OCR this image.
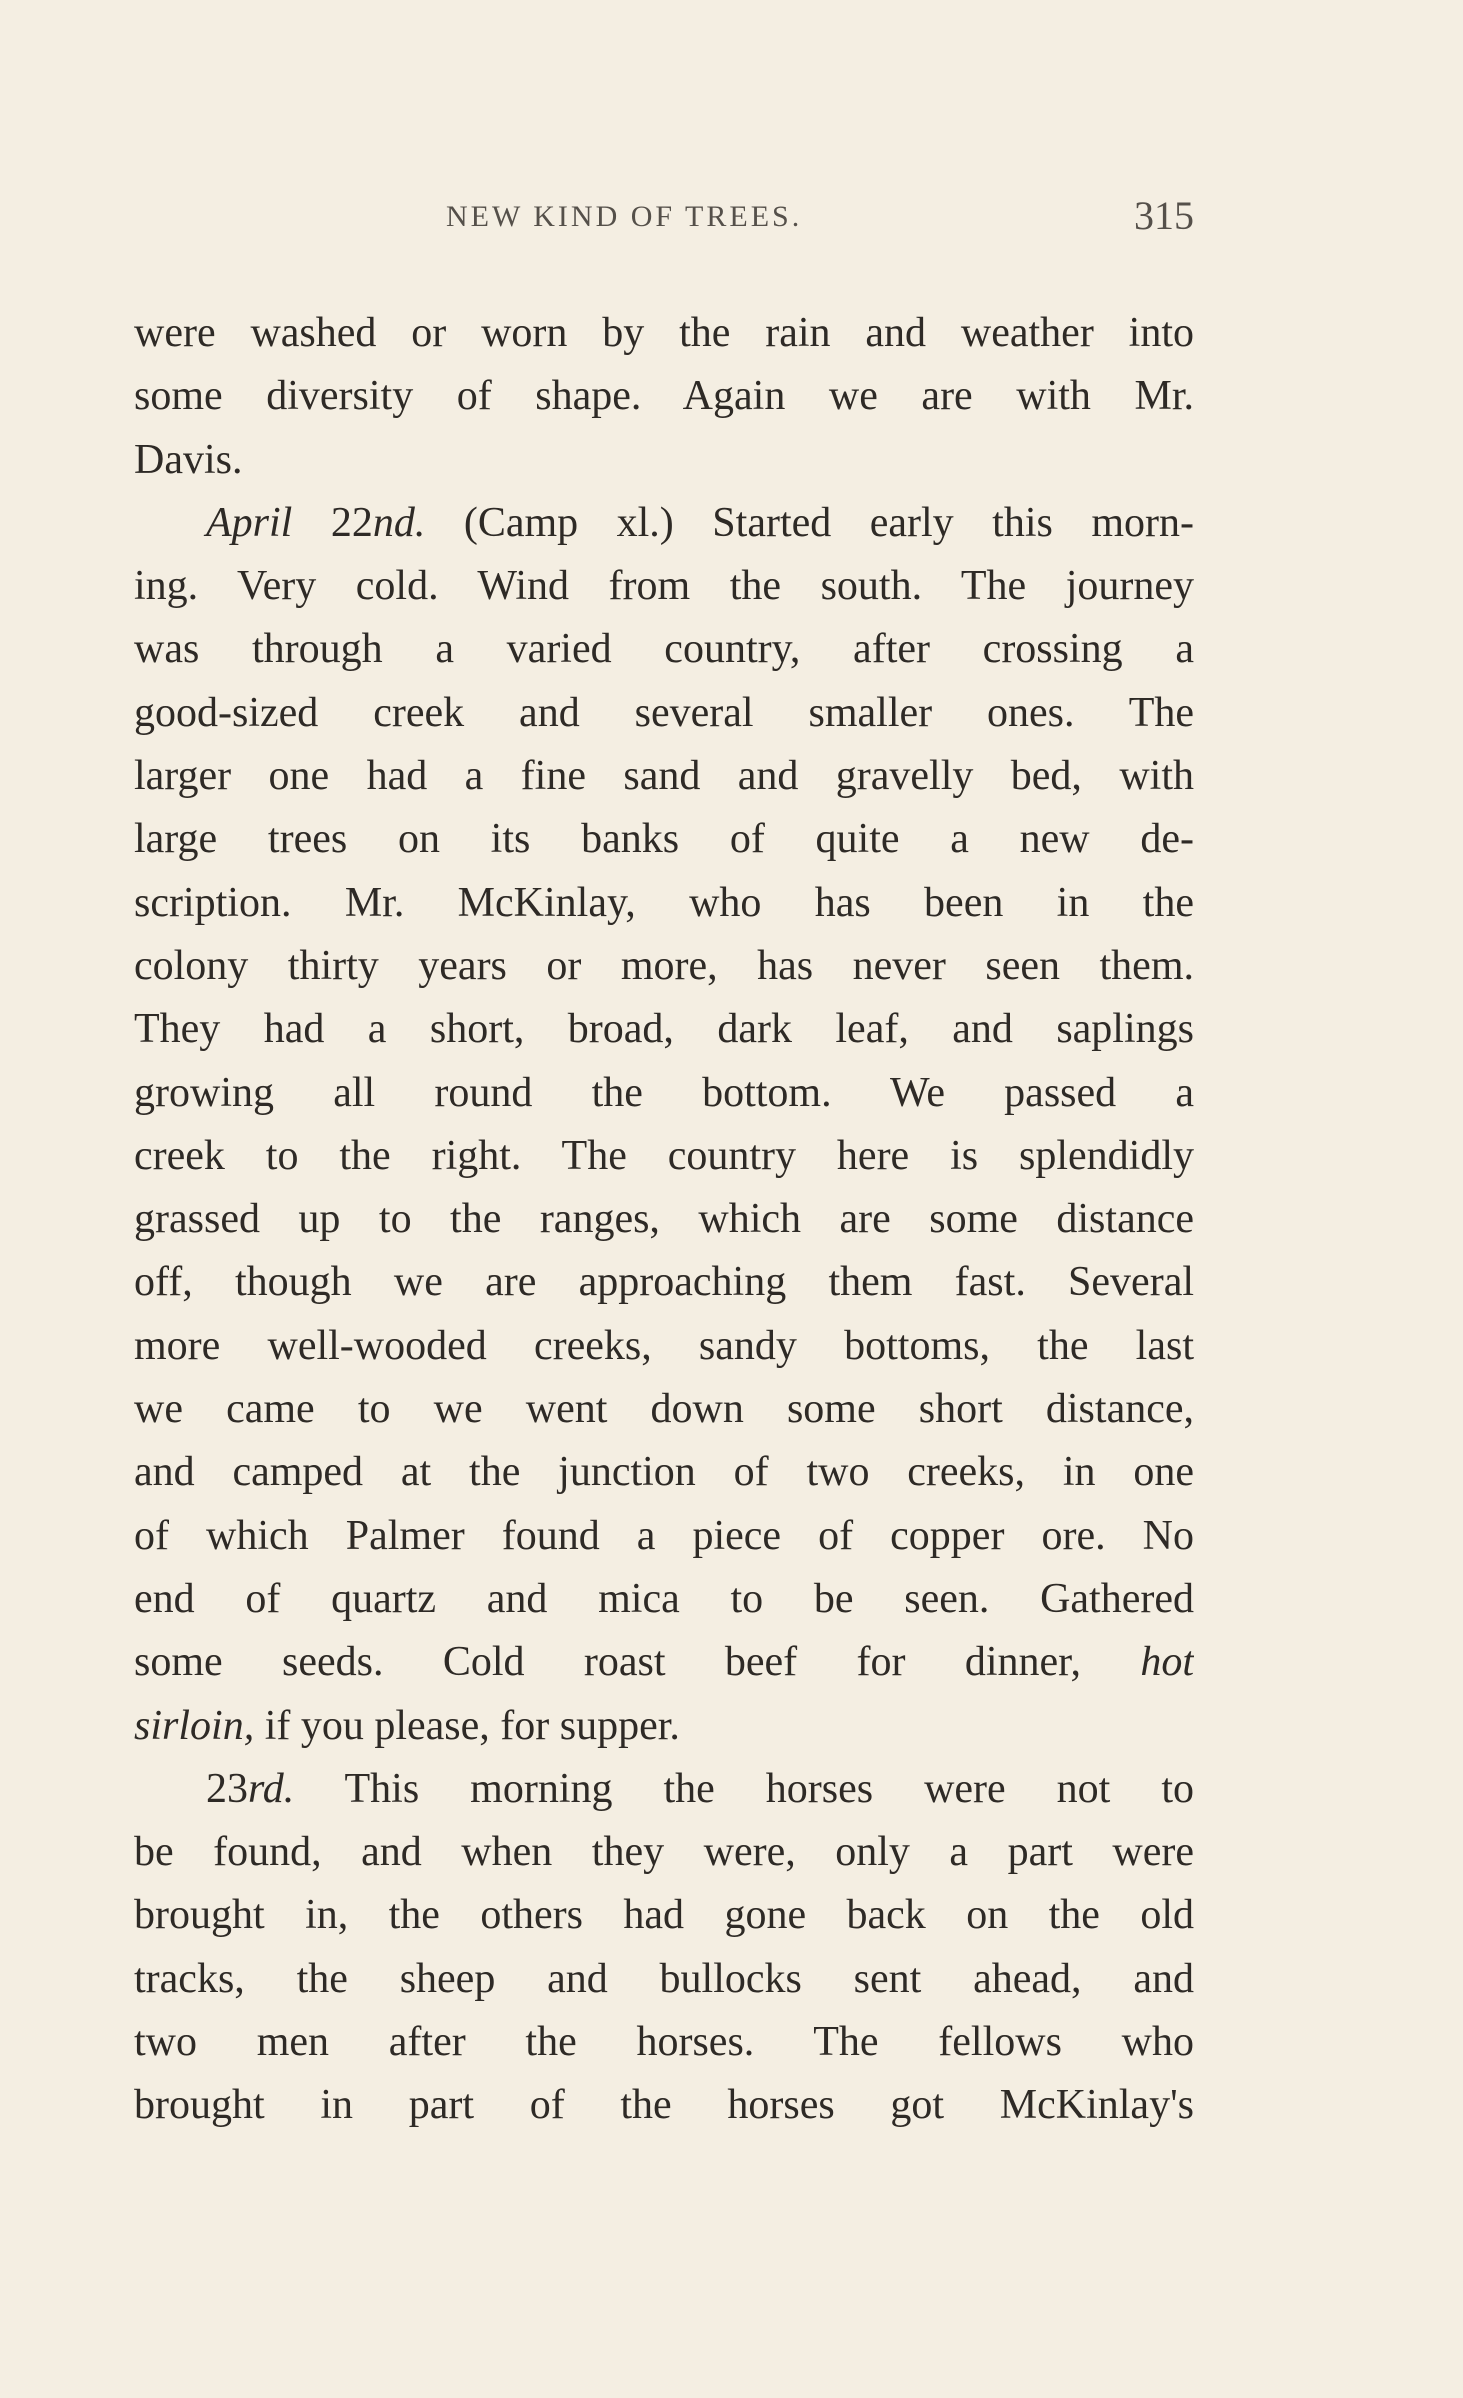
NEW KIND OF TREES.	315
were washed or worn by the rain and weather into
some diversity of shape. Again we are with Mr.
Davis.
April 22nd. (Camp xl.) Started early this morn-
ing. Very cold. Wind from the south. The journey
was through a varied country, after crossing a
good-sized creek and several smaller ones. The
larger one had a fine sand and gravelly bed, with
large trees on its banks of quite a new de-
scription. Mr. McKinlay, who has been in the
colony thirty years or more, has never seen them.
They had a short, broad, dark leaf, and saplings
growing all round the bottom. We passed a
creek to the right. The country here is splendidly
grassed up to the ranges, which are some distance
off, though we are approaching them fast. Several
more well-wooded creeks, sandy bottoms, the last
we came to we went down some short distance,
and camped at the junction of two creeks, in one
of which Palmer found a piece of copper ore. No
end of quartz and mica to be seen. Gathered
some seeds. Cold roast beef for dinner, hot
sirloin, if you please, for supper.
23rd. This morning the horses were not to
be found, and when they were, only a part were
brought in, the others had gone back on the old
tracks, the sheep and bullocks sent ahead, and
two men after the horses. The fellows who
brought in part of the horses got McKinlay's
